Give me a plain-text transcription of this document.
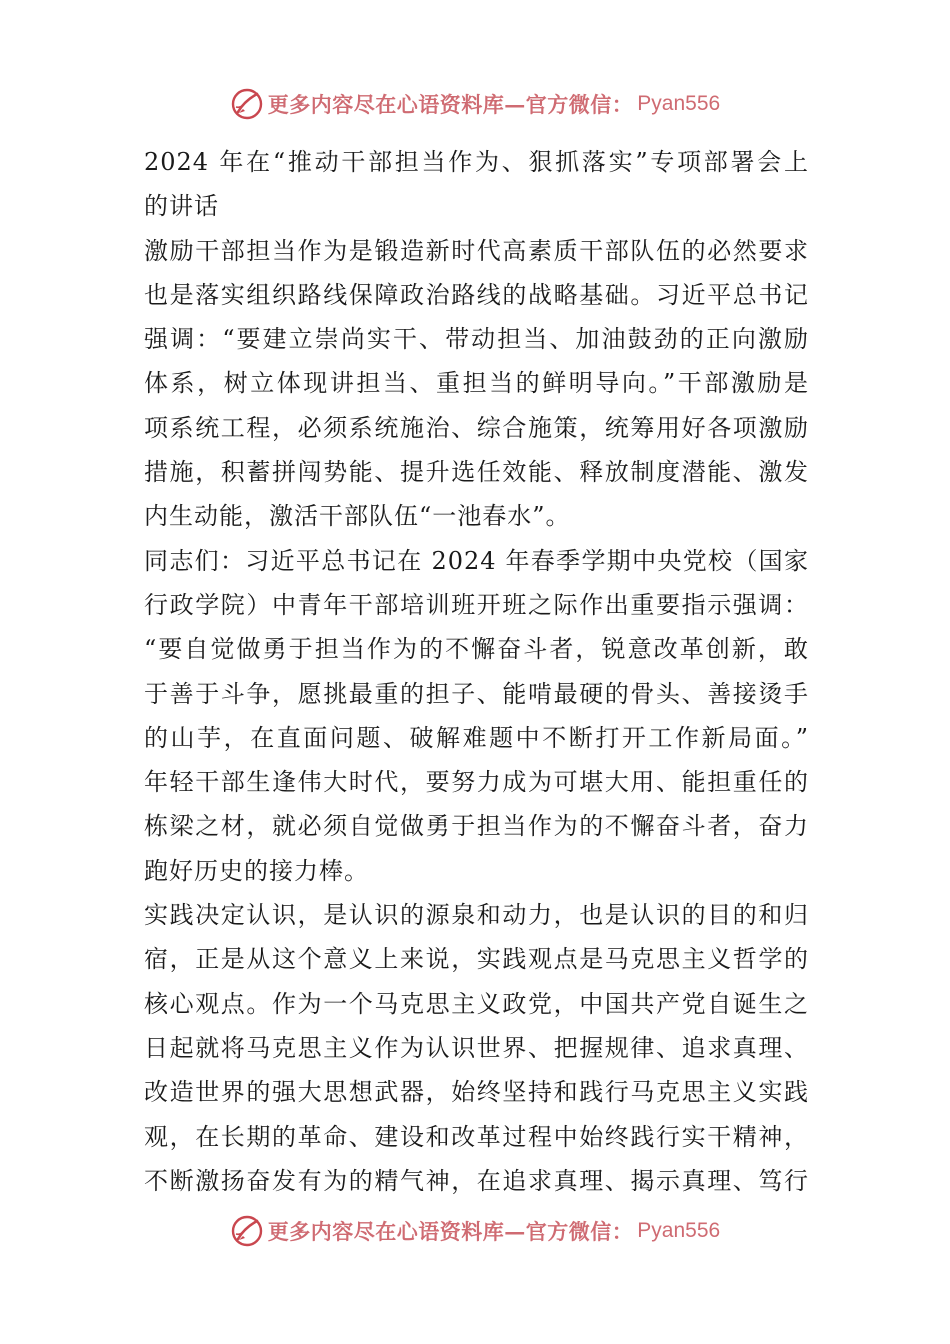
更多内容尽在心语资料库—官方微信： Pyan556
2024 年在“推动干部担当作为、狠抓落实”专项部署会上
的讲话
激励干部担当作为是锻造新时代高素质干部队伍的必然要求
也是落实组织路线保障政治路线的战略基础。习近平总书记
强调：“要建立崇尚实干、带动担当、加油鼓劲的正向激励
体系，树立体现讲担当、重担当的鲜明导向。”干部激励是
项系统工程，必须系统施治、综合施策，统筹用好各项激励
措施，积蓄拼闯势能、提升选任效能、释放制度潜能、激发
内生动能，激活干部队伍“一池春水”。
同志们：习近平总书记在 2024 年春季学期中央党校（国家
行政学院）中青年干部培训班开班之际作出重要指示强调：
“要自觉做勇于担当作为的不懈奋斗者，锐意改革创新，敢
于善于斗争，愿挑最重的担子、能啃最硬的骨头、善接烫手
的山芋，在直面问题、破解难题中不断打开工作新局面。”
年轻干部生逢伟大时代，要努力成为可堪大用、能担重任的
栋梁之材，就必须自觉做勇于担当作为的不懈奋斗者，奋力
跑好历史的接力棒。
实践决定认识，是认识的源泉和动力，也是认识的目的和归
宿，正是从这个意义上来说，实践观点是马克思主义哲学的
核心观点。作为一个马克思主义政党，中国共产党自诞生之
日起就将马克思主义作为认识世界、把握规律、追求真理、
改造世界的强大思想武器，始终坚持和践行马克思主义实践
观，在长期的革命、建设和改革过程中始终践行实干精神，
不断激扬奋发有为的精气神，在追求真理、揭示真理、笃行
更多内容尽在心语资料库—官方微信： Pyan556
